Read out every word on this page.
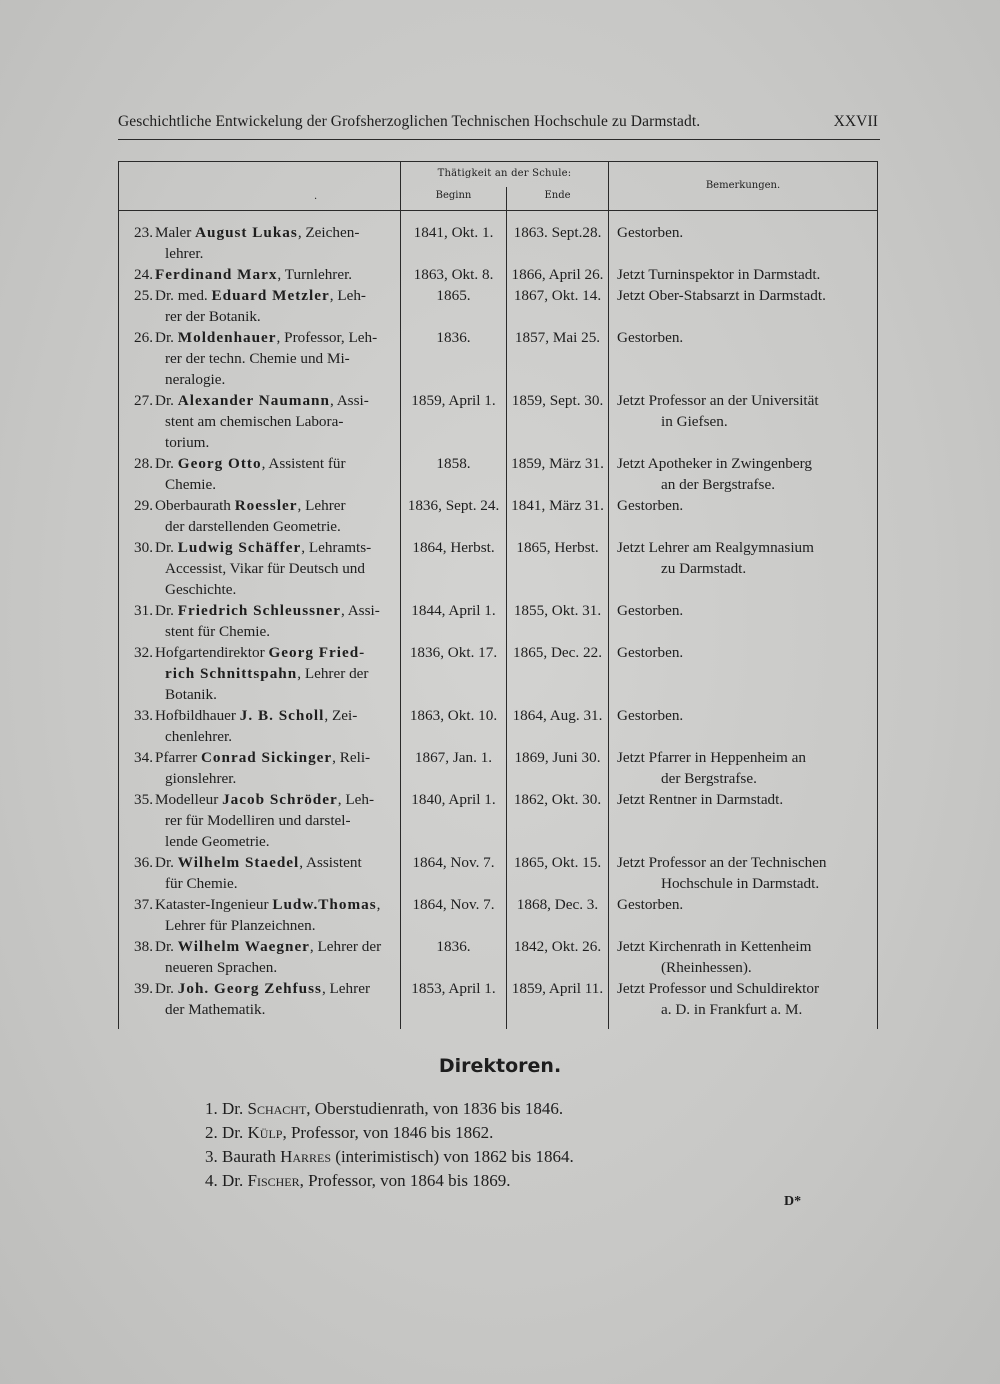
Geschichtliche Entwickelung der Grofsherzoglichen Technischen Hochschule zu Darmstadt.	XXVII
.
Thätigkeit an der Schule:
Beginn	Ende
Bemerkungen.
23. Maler August Lukas, Zeichen-
lehrer.
1841, Okt. 1.	1863. Sept.28.	Gestorben.
24. Ferdinand Marx, Turnlehrer.	1863, Okt. 8.	1866, April 26. Jetzt Turninspektor in Darmstadt.
25. Dr. med. Eduard Metzler, Leh-
rer der Botanik.
1865.	1867, Okt. 14.	Jetzt Ober-Stabsarzt in Darmstadt.
26. Dr. Moldenhauer, Professor, Leh-
rer der techn. Chemie und Mi-
neralogie.
1836.	1857, Mai 25.	Gestorben.
27. Dr. Alexander Naumann, Assi-
stent am chemischen Labora-
torium.
1859, April 1.	1859, Sept. 30. Jetzt Professor an der Universität
in Giefsen.
28. Dr. Georg Otto, Assistent für
Chemie.
1858.	1859, März 31. Jetzt Apotheker in Zwingenberg
an der Bergstrafse.
29. Oberbaurath Roessler, Lehrer
der darstellenden Geometrie.
1836, Sept. 24. 1841, März 31. Gestorben.
30. Dr. Ludwig Schäffer, Lehramts-
Accessist, Vikar für Deutsch und
Geschichte.
1864, Herbst.	1865, Herbst.	Jetzt Lehrer am Realgymnasium
zu Darmstadt.
31. Dr. Friedrich Schleussner, Assi-
stent für Chemie.
1844, April 1.	1855, Okt. 31.	Gestorben.
32. Hofgartendirektor Georg Fried-
rich Schnittspahn, Lehrer der
Botanik.
1836, Okt. 17.	1865, Dec. 22. Gestorben.
33. Hofbildhauer J. B. Scholl, Zei-
chenlehrer.
1863, Okt. 10.	1864, Aug. 31. Gestorben.
34. Pfarrer Conrad Sickinger, Reli-
gionslehrer.
1867, Jan. 1.	1869, Juni 30.	Jetzt Pfarrer in Heppenheim an
der Bergstrafse.
35. Modelleur Jacob Schröder, Leh-
rer für Modelliren und darstel-
lende Geometrie.
1840, April 1.	1862, Okt. 30.	Jetzt Rentner in Darmstadt.
36. Dr. Wilhelm Staedel, Assistent
für Chemie.
1864, Nov. 7.	1865, Okt. 15.	Jetzt Professor an der Technischen
Hochschule in Darmstadt.
37. Kataster-Ingenieur Ludw.Thomas,
Lehrer für Planzeichnen.
1864, Nov. 7.	1868, Dec. 3.	Gestorben.
38. Dr. Wilhelm Waegner, Lehrer der
neueren Sprachen.
1836.	1842, Okt. 26.	Jetzt Kirchenrath in Kettenheim
(Rheinhessen).
39. Dr. Joh. Georg Zehfuss, Lehrer
der Mathematik.
1853, April 1.	1859, April 11. Jetzt Professor und Schuldirektor
a. D. in Frankfurt a. M.
Direktoren.
1. Dr. Schacht, Oberstudienrath, von 1836 bis 1846.
2. Dr. Külp, Professor, von 1846 bis 1862.
3. Baurath Harres (interimistisch) von 1862 bis 1864.
4. Dr. Fischer, Professor, von 1864 bis 1869.
D*
